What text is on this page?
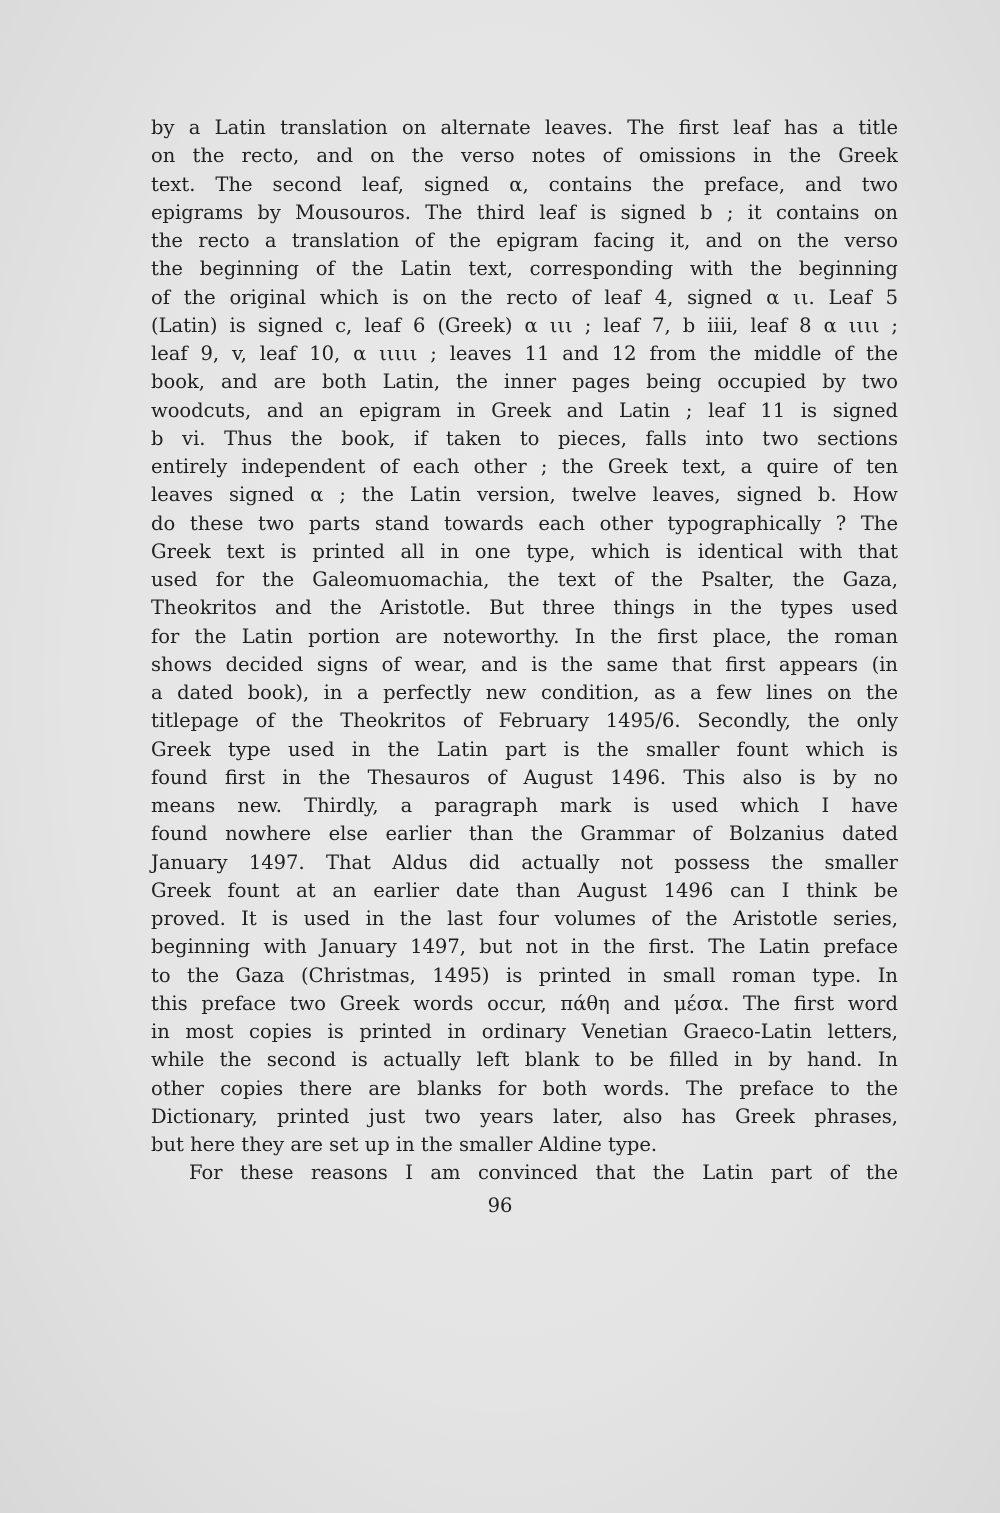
by a Latin translation on alternate leaves. The first leaf has a title
on the recto, and on the verso notes of omissions in the Greek
text. The second leaf, signed α, contains the preface, and two
epigrams by Mousouros. The third leaf is signed b ; it contains on
the recto a translation of the epigram facing it, and on the verso
the beginning of the Latin text, corresponding with the beginning
of the original which is on the recto of leaf 4, signed α ιι. Leaf 5
(Latin) is signed c, leaf 6 (Greek) α ιιι ; leaf 7, b iiii, leaf 8 α ιιιι ;
leaf 9, v, leaf 10, α ιιιιι ; leaves 11 and 12 from the middle of the
book, and are both Latin, the inner pages being occupied by two
woodcuts, and an epigram in Greek and Latin ; leaf 11 is signed
b vi. Thus the book, if taken to pieces, falls into two sections
entirely independent of each other ; the Greek text, a quire of ten
leaves signed α ; the Latin version, twelve leaves, signed b. How
do these two parts stand towards each other typographically ? The
Greek text is printed all in one type, which is identical with that
used for the Galeomuomachia, the text of the Psalter, the Gaza,
Theokritos and the Aristotle. But three things in the types used
for the Latin portion are noteworthy. In the first place, the roman
shows decided signs of wear, and is the same that first appears (in
a dated book), in a perfectly new condition, as a few lines on the
titlepage of the Theokritos of February 1495/6. Secondly, the only
Greek type used in the Latin part is the smaller fount which is
found first in the Thesauros of August 1496. This also is by no
means new. Thirdly, a paragraph mark is used which I have
found nowhere else earlier than the Grammar of Bolzanius dated
January 1497. That Aldus did actually not possess the smaller
Greek fount at an earlier date than August 1496 can I think be
proved. It is used in the last four volumes of the Aristotle series,
beginning with January 1497, but not in the first. The Latin preface
to the Gaza (Christmas, 1495) is printed in small roman type. In
this preface two Greek words occur, πάθη and μέσα. The first word
in most copies is printed in ordinary Venetian Graeco-Latin letters,
while the second is actually left blank to be filled in by hand. In
other copies there are blanks for both words. The preface to the
Dictionary, printed just two years later, also has Greek phrases,
but here they are set up in the smaller Aldine type.
For these reasons I am convinced that the Latin part of the
96
